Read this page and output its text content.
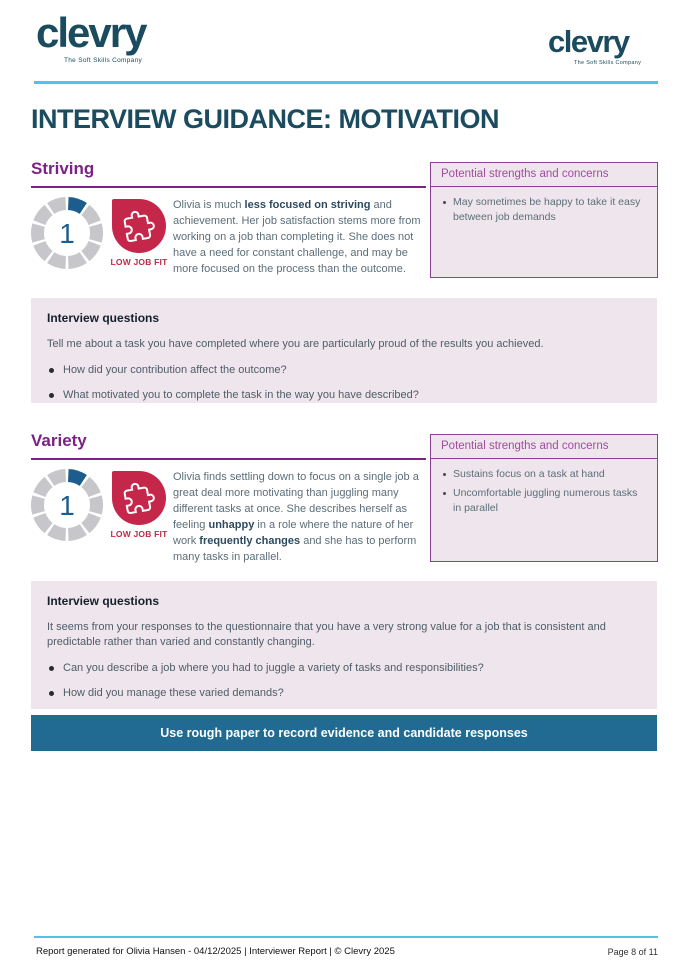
clevry
The Soft Skills Company
clevry
The Soft Skills Company
INTERVIEW GUIDANCE: MOTIVATION
Striving
1
LOW JOB FIT
Olivia is much less focused on striving and achievement. Her job satisfaction stems more from working on a job than completing it. She does not have a need for constant challenge, and may be more focused on the process than the outcome.
Potential strengths and concerns
May sometimes be happy to take it easy between job demands
Interview questions
Tell me about a task you have completed where you are particularly proud of the results you achieved.
How did your contribution affect the outcome?
What motivated you to complete the task in the way you have described?
Variety
1
LOW JOB FIT
Olivia finds settling down to focus on a single job a great deal more motivating than juggling many different tasks at once. She describes herself as feeling unhappy in a role where the nature of her work frequently changes and she has to perform many tasks in parallel.
Potential strengths and concerns
Sustains focus on a task at hand
Uncomfortable juggling numerous tasks in parallel
Interview questions
It seems from your responses to the questionnaire that you have a very strong value for a job that is consistent and predictable rather than varied and constantly changing.
Can you describe a job where you had to juggle a variety of tasks and responsibilities?
How did you manage these varied demands?
Use rough paper to record evidence and candidate responses
Report generated for Olivia Hansen - 04/12/2025 | Interviewer Report | © Clevry 2025	Page 8 of 11
